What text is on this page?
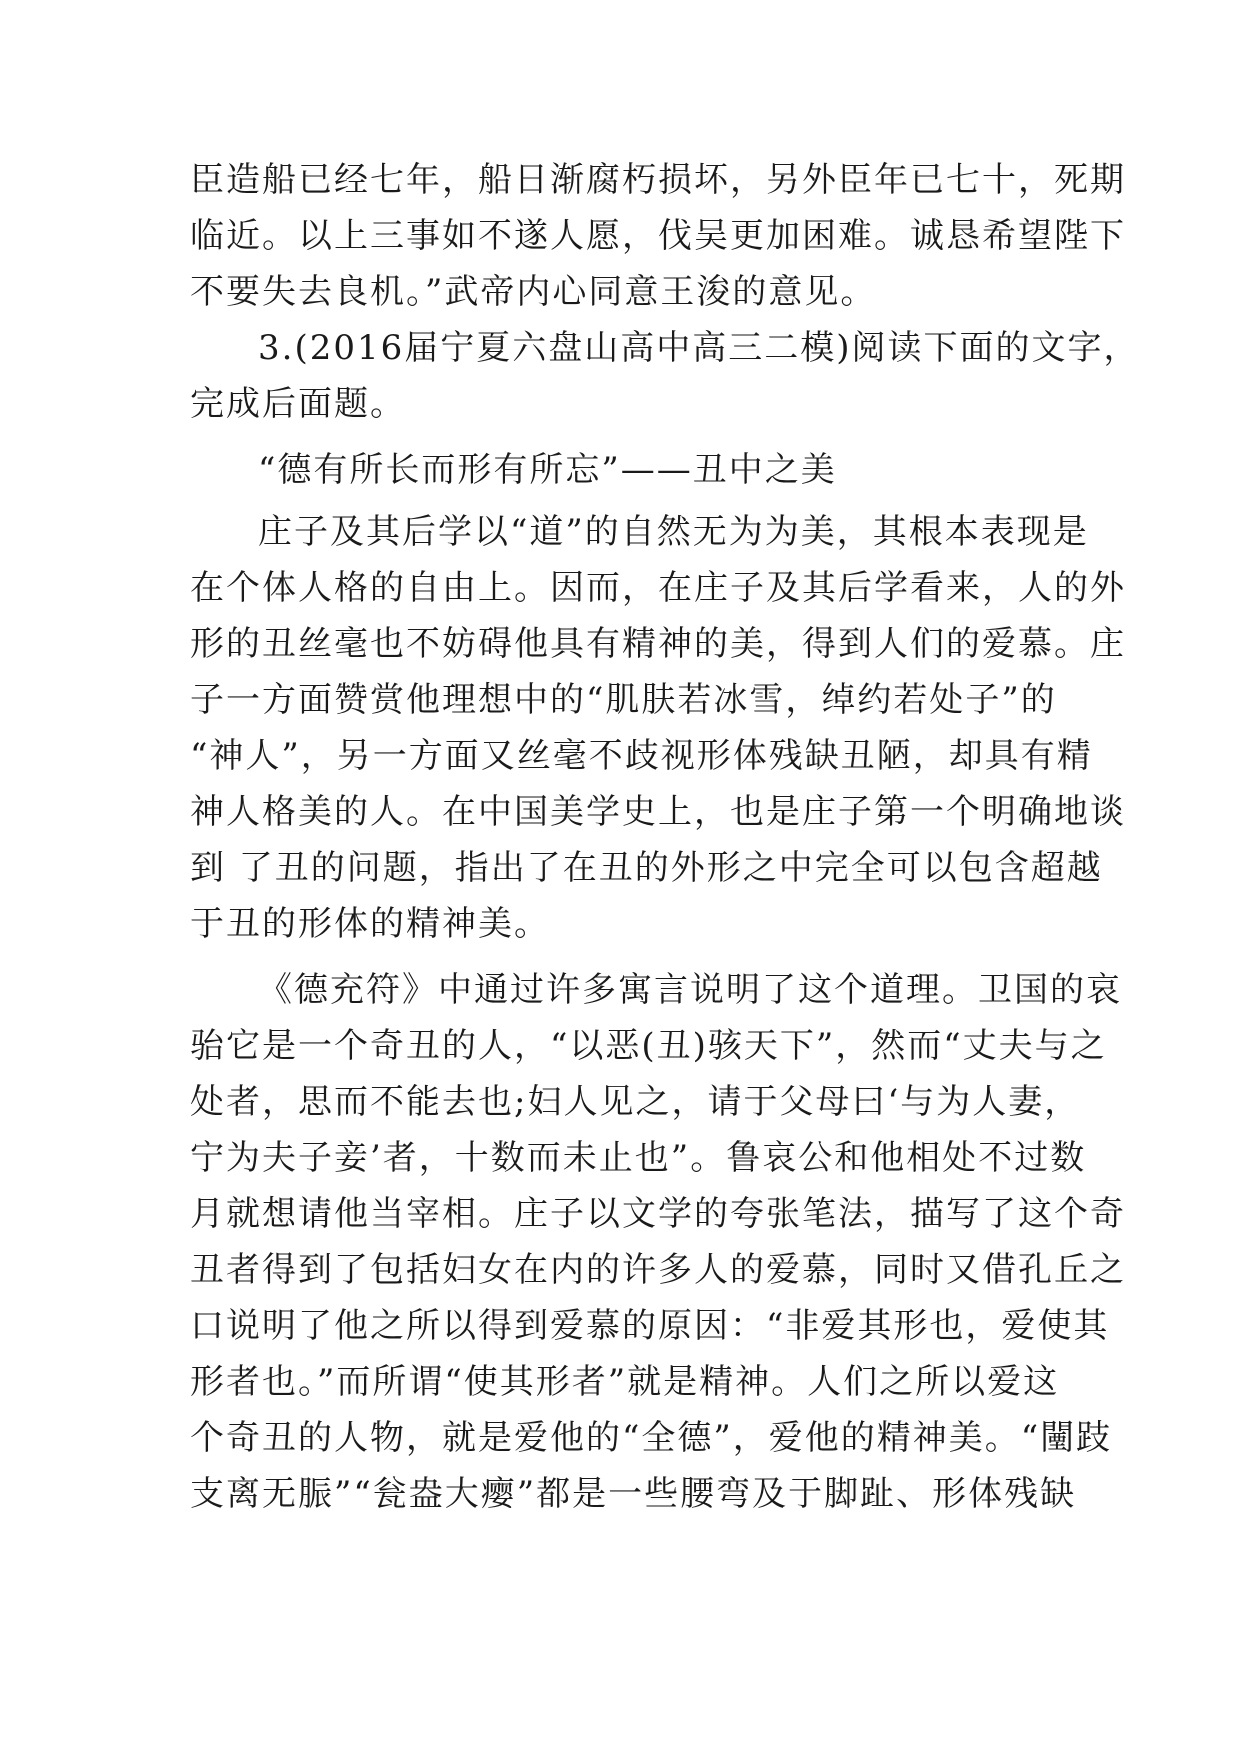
臣造船已经七年，船日渐腐朽损坏，另外臣年已七十，死期
临近。以上三事如不遂人愿，伐吴更加困难。诚恳希望陛下
不要失去良机。”武帝内心同意王浚的意见。
3.(2016届宁夏六盘山高中高三二模)阅读下面的文字，
完成后面题。
“德有所长而形有所忘”——丑中之美
庄子及其后学以“道”的自然无为为美，其根本表现是
在个体人格的自由上。因而，在庄子及其后学看来，人的外
形的丑丝毫也不妨碍他具有精神的美，得到人们的爱慕。庄
子一方面赞赏他理想中的“肌肤若冰雪，绰约若处子”的
“神人”，另一方面又丝毫不歧视形体残缺丑陋，却具有精
神人格美的人。在中国美学史上，也是庄子第一个明确地谈
到 了丑的问题，指出了在丑的外形之中完全可以包含超越
于丑的形体的精神美。
《德充符》中通过许多寓言说明了这个道理。卫国的哀
骀它是一个奇丑的人，“以恶(丑)骇天下”，然而“丈夫与之
处者，思而不能去也;妇人见之，请于父母曰‘与为人妻，
宁为夫子妾’者，十数而未止也”。鲁哀公和他相处不过数
月就想请他当宰相。庄子以文学的夸张笔法，描写了这个奇
丑者得到了包括妇女在内的许多人的爱慕，同时又借孔丘之
口说明了他之所以得到爱慕的原因：“非爱其形也，爱使其
形者也。”而所谓“使其形者”就是精神。人们之所以爱这
个奇丑的人物，就是爱他的“全德”，爱他的精神美。“闉跂
支离无脤”“瓮盎大瘿”都是一些腰弯及于脚趾、形体残缺
